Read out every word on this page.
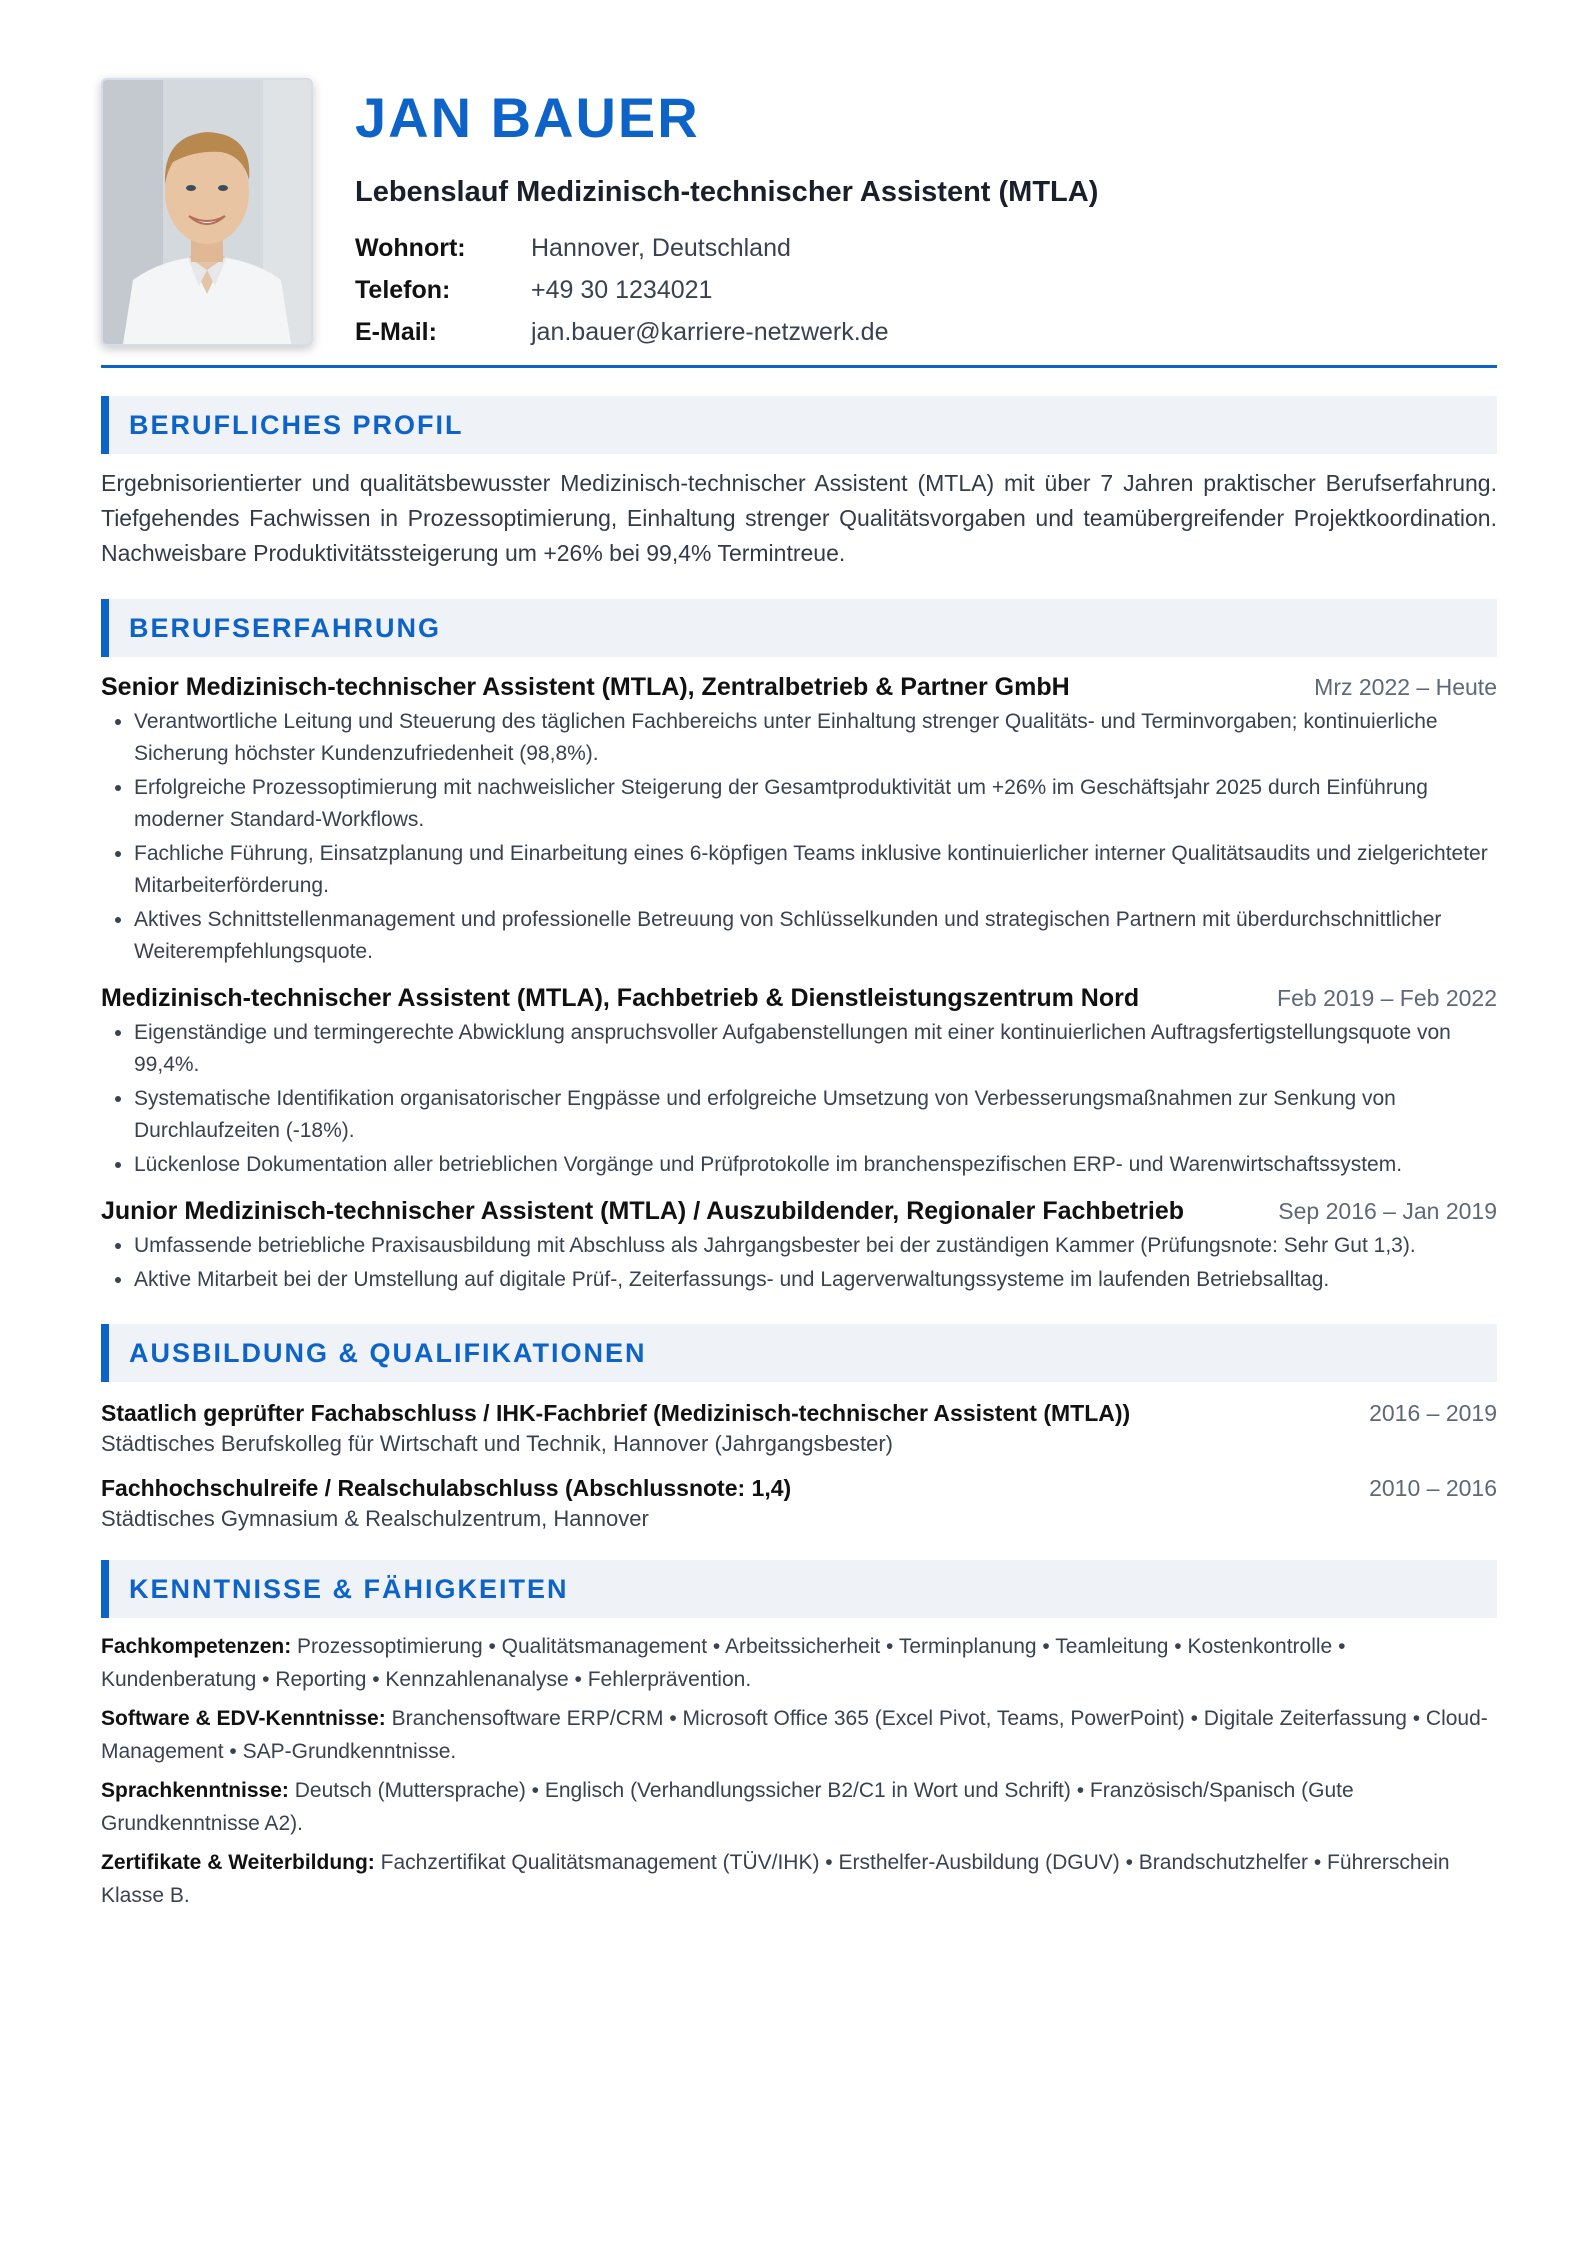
JAN BAUER
Lebenslauf Medizinisch-technischer Assistent (MTLA)
Wohnort:	Hannover, Deutschland
Telefon:	+49 30 1234021
E-Mail:	jan.bauer@karriere-netzwerk.de
BERUFLICHES PROFIL
Ergebnisorientierter und qualitätsbewusster Medizinisch-technischer Assistent (MTLA) mit über 7 Jahren praktischer Berufserfahrung. Tiefgehendes Fachwissen in Prozessoptimierung, Einhaltung strenger Qualitätsvorgaben und teamübergreifender Projektkoordination. Nachweisbare Produktivitätssteigerung um +26% bei 99,4% Termintreue.
BERUFSERFAHRUNG
Senior Medizinisch-technischer Assistent (MTLA), Zentralbetrieb & Partner GmbH	Mrz 2022 – Heute
• Verantwortliche Leitung und Steuerung des täglichen Fachbereichs unter Einhaltung strenger Qualitäts- und Terminvorgaben; kontinuierliche Sicherung höchster Kundenzufriedenheit (98,8%).
• Erfolgreiche Prozessoptimierung mit nachweislicher Steigerung der Gesamtproduktivität um +26% im Geschäftsjahr 2025 durch Einführung moderner Standard-Workflows.
• Fachliche Führung, Einsatzplanung und Einarbeitung eines 6-köpfigen Teams inklusive kontinuierlicher interner Qualitätsaudits und zielgerichteter Mitarbeiterförderung.
• Aktives Schnittstellenmanagement und professionelle Betreuung von Schlüsselkunden und strategischen Partnern mit überdurchschnittlicher Weiterempfehlungsquote.
Medizinisch-technischer Assistent (MTLA), Fachbetrieb & Dienstleistungszentrum Nord	Feb 2019 – Feb 2022
• Eigenständige und termingerechte Abwicklung anspruchsvoller Aufgabenstellungen mit einer kontinuierlichen Auftragsfertigstellungsquote von 99,4%.
• Systematische Identifikation organisatorischer Engpässe und erfolgreiche Umsetzung von Verbesserungsmaßnahmen zur Senkung von Durchlaufzeiten (-18%).
• Lückenlose Dokumentation aller betrieblichen Vorgänge und Prüfprotokolle im branchenspezifischen ERP- und Warenwirtschaftssystem.
Junior Medizinisch-technischer Assistent (MTLA) / Auszubildender, Regionaler Fachbetrieb	Sep 2016 – Jan 2019
• Umfassende betriebliche Praxisausbildung mit Abschluss als Jahrgangsbester bei der zuständigen Kammer (Prüfungsnote: Sehr Gut 1,3).
• Aktive Mitarbeit bei der Umstellung auf digitale Prüf-, Zeiterfassungs- und Lagerverwaltungssysteme im laufenden Betriebsalltag.
AUSBILDUNG & QUALIFIKATIONEN
Staatlich geprüfter Fachabschluss / IHK-Fachbrief (Medizinisch-technischer Assistent (MTLA))	2016 – 2019
Städtisches Berufskolleg für Wirtschaft und Technik, Hannover (Jahrgangsbester)
Fachhochschulreife / Realschulabschluss (Abschlussnote: 1,4)	2010 – 2016
Städtisches Gymnasium & Realschulzentrum, Hannover
KENNTNISSE & FÄHIGKEITEN
Fachkompetenzen: Prozessoptimierung • Qualitätsmanagement • Arbeitssicherheit • Terminplanung • Teamleitung • Kostenkontrolle • Kundenberatung • Reporting • Kennzahlenanalyse • Fehlerprävention.
Software & EDV-Kenntnisse: Branchensoftware ERP/CRM • Microsoft Office 365 (Excel Pivot, Teams, PowerPoint) • Digitale Zeiterfassung • Cloud-Management • SAP-Grundkenntnisse.
Sprachkenntnisse: Deutsch (Muttersprache) • Englisch (Verhandlungssicher B2/C1 in Wort und Schrift) • Französisch/Spanisch (Gute Grundkenntnisse A2).
Zertifikate & Weiterbildung: Fachzertifikat Qualitätsmanagement (TÜV/IHK) • Ersthelfer-Ausbildung (DGUV) • Brandschutzhelfer • Führerschein Klasse B.
